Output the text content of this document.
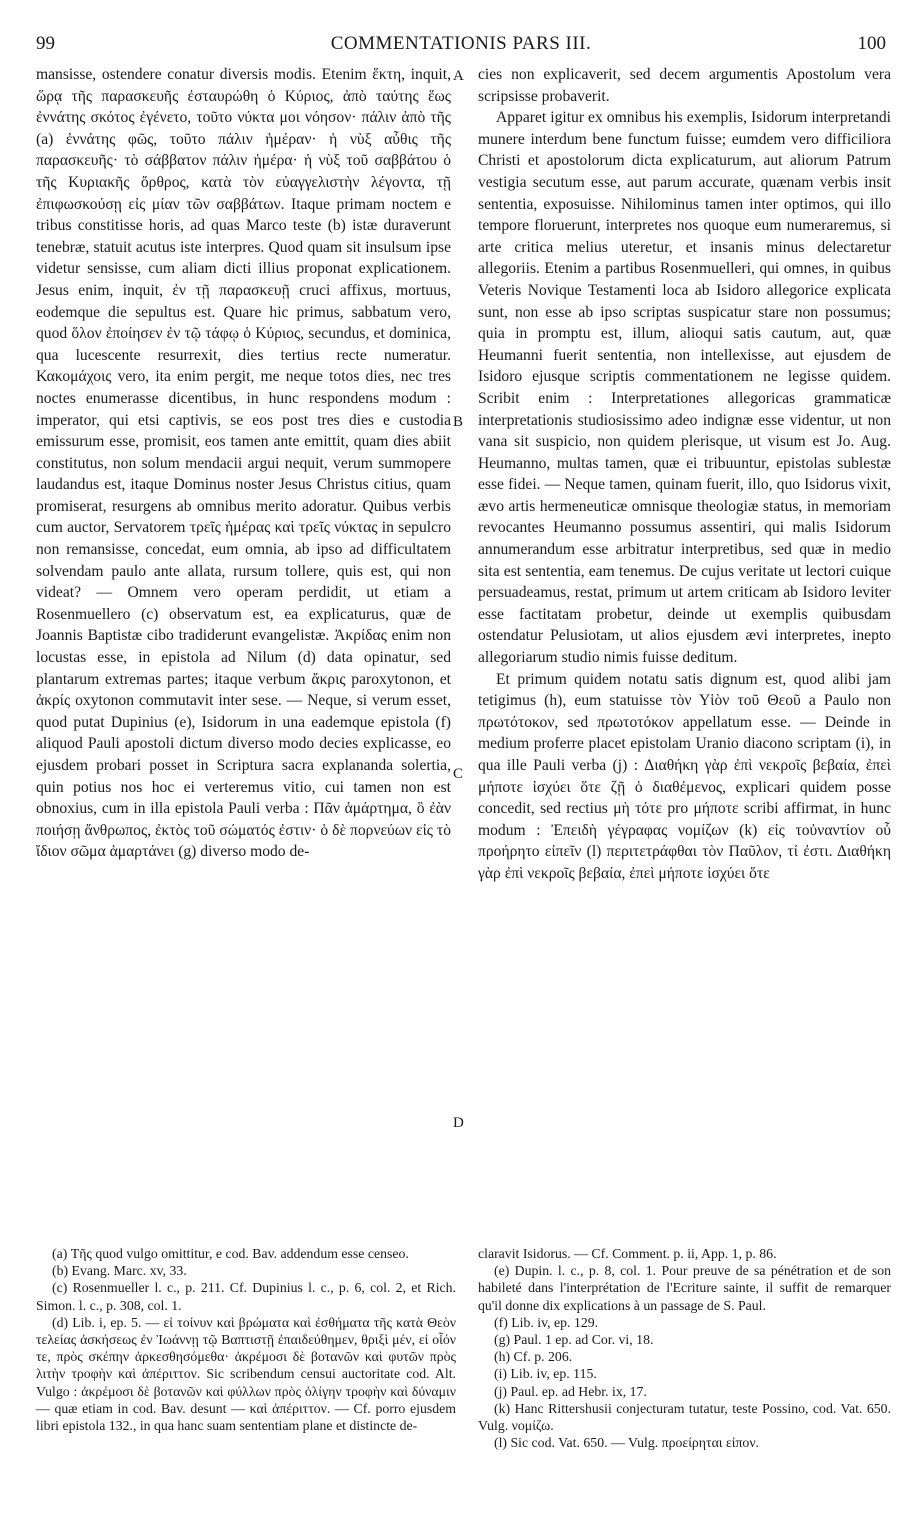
99	COMMENTATIONIS PARS III.	100

mansisse, ostendere conatur diversis modis. Etenim ἕκτη, inquit, ὥρᾳ τῆς παρασκευῆς ἐσταυρώθη ὁ Κύριος, ἀπὸ ταύτης ἕως ἐννάτης σκότος ἐγένετο, τοῦτο νύκτα μοι νόησον· πάλιν ἀπὸ τῆς (a) ἐννάτης φῶς, τοῦτο πάλιν ἡμέραν· ἡ νὺξ αὖθις τῆς παρασκευῆς· τὸ σάββατον πάλιν ἡμέρα· ἡ νὺξ τοῦ σαββάτου ὁ τῆς Κυριακῆς ὄρθρος, κατὰ τὸν εὐαγγελιστὴν λέγοντα, τῇ ἐπιφωσκούσῃ εἰς μίαν τῶν σαββάτων. Itaque primam noctem e tribus constitisse horis, ad quas Marco teste (b) istæ duraverunt tenebræ, statuit acutus iste interpres. Quod quam sit insulsum ipse videtur sensisse, cum aliam dicti illius proponat explicationem. Jesus enim, inquit, ἐν τῇ παρασκευῇ cruci affixus, mortuus, eodemque die sepultus est. Quare hic primus, sabbatum vero, quod ὅλον ἐποίησεν ἐν τῷ τάφῳ ὁ Κύριος, secundus, et dominica, qua lucescente resurrexit, dies tertius recte numeratur. Κακομάχοις vero, ita enim pergit, me neque totos dies, nec tres noctes enumerasse dicentibus, in hunc respondens modum : imperator, qui etsi captivis, se eos post tres dies e custodia emissurum esse, promisit, eos tamen ante emittit, quam dies abiit constitutus, non solum mendacii argui nequit, verum summopere laudandus est, itaque Dominus noster Jesus Christus citius, quam promiserat, resurgens ab omnibus merito adoratur. Quibus verbis cum auctor, Servatorem τρεῖς ἡμέρας καὶ τρεῖς νύκτας in sepulcro non remansisse, concedat, eum omnia, ab ipso ad difficultatem solvendam paulo ante allata, rursum tollere, quis est, qui non videat? — Omnem vero operam perdidit, ut etiam a Rosenmuellero (c) observatum est, ea explicaturus, quæ de Joannis Baptistæ cibo tradiderunt evangelistæ. Ἀκρίδας enim non locustas esse, in epistola ad Nilum (d) data opinatur, sed plantarum extremas partes; itaque verbum ἄκρις paroxytonon, et ἀκρίς oxytonon commutavit inter sese. — Neque, si verum esset, quod putat Dupinius (e), Isidorum in una eademque epistola (f) aliquod Pauli apostoli dictum diverso modo decies explicasse, eo ejusdem probari posset in Scriptura sacra explananda solertia, quin potius nos hoc ei verteremus vitio, cui tamen non est obnoxius, cum in illa epistola Pauli verba : Πᾶν ἁμάρτημα, ὃ ἐὰν ποιήσῃ ἄνθρωπος, ἐκτὸς τοῦ σώματός ἐστιν· ὁ δὲ πορνεύων εἰς τὸ ἴδιον σῶμα ἁμαρτάνει (g) diverso modo de-

A
B
C
D

cies non explicaverit, sed decem argumentis Apostolum vera scripsisse probaverit.

Apparet igitur ex omnibus his exemplis, Isidorum interpretandi munere interdum bene functum fuisse; eumdem vero difficiliora Christi et apostolorum dicta explicaturum, aut aliorum Patrum vestigia secutum esse, aut parum accurate, quænam verbis insit sententia, exposuisse. Nihilominus tamen inter optimos, qui illo tempore floruerunt, interpretes nos quoque eum numeraremus, si arte critica melius uteretur, et insanis minus delectaretur allegoriis. Etenim a partibus Rosenmuelleri, qui omnes, in quibus Veteris Novique Testamenti loca ab Isidoro allegorice explicata sunt, non esse ab ipso scriptas suspicatur stare non possumus; quia in promptu est, illum, alioqui satis cautum, aut, quæ Heumanni fuerit sententia, non intellexisse, aut ejusdem de Isidoro ejusque scriptis commentationem ne legisse quidem. Scribit enim : Interpretationes allegoricas grammaticæ interpretationis studiosissimo adeo indignæ esse videntur, ut non vana sit suspicio, non quidem plerisque, ut visum est Jo. Aug. Heumanno, multas tamen, quæ ei tribuuntur, epistolas sublestæ esse fidei. — Neque tamen, quinam fuerit, illo, quo Isidorus vixit, ævo artis hermeneuticæ omnisque theologiæ status, in memoriam revocantes Heumanno possumus assentiri, qui malis Isidorum annumerandum esse arbitratur interpretibus, sed quæ in medio sita est sententia, eam tenemus. De cujus veritate ut lectori cuique persuadeamus, restat, primum ut artem criticam ab Isidoro leviter esse factitatam probetur, deinde ut exemplis quibusdam ostendatur Pelusiotam, ut alios ejusdem ævi interpretes, inepto allegoriarum studio nimis fuisse deditum.

Et primum quidem notatu satis dignum est, quod alibi jam tetigimus (h), eum statuisse τὸν Υἱὸν τοῦ Θεοῦ a Paulo non πρωτότοκον, sed πρωτοτόκον appellatum esse. — Deinde in medium proferre placet epistolam Uranio diacono scriptam (i), in qua ille Pauli verba (j) : Διαθήκη γὰρ ἐπὶ νεκροῖς βεβαία, ἐπεὶ μήποτε ἰσχύει ὅτε ζῇ ὁ διαθέμενος, explicari quidem posse concedit, sed rectius μὴ τότε pro μήποτε scribi affirmat, in hunc modum : Ἐπειδὴ γέγραφας νομίζων (k) εἰς τοὐναντίον οὗ προήρητο εἰπεῖν (l) περιτετράφθαι τὸν Παῦλον, τί ἐστι. Διαθήκη γὰρ ἐπὶ νεκροῖς βεβαία, ἐπεὶ μήποτε ἰσχύει ὅτε

(a) Τῆς quod vulgo omittitur, e cod. Bav. addendum esse censeo.

(b) Evang. Marc. xv, 33.

(c) Rosenmueller l. c., p. 211. Cf. Dupinius l. c., p. 6, col. 2, et Rich. Simon. l. c., p. 308, col. 1.

(d) Lib. i, ep. 5. — εἰ τοίνυν καὶ βρώματα καὶ ἐσθήματα τῆς κατὰ Θεὸν τελείας ἀσκήσεως ἐν Ἰωάννῃ τῷ Βαπτιστῇ ἐπαιδεύθημεν, θριξὶ μέν, εἰ οἷόν τε, πρὸς σκέπην ἀρκεσθησόμεθα· ἀκρέμοσι δὲ βοτανῶν καὶ φυτῶν πρὸς λιτὴν τροφὴν καὶ ἀπέριττον. Sic scribendum censui auctoritate cod. Alt. Vulgo : ἀκρέμοσι δὲ βοτανῶν καὶ φύλλων πρὸς ὀλίγην τροφὴν καὶ δύναμιν — quæ etiam in cod. Bav. desunt — καὶ ἀπέριττον. — Cf. porro ejusdem libri epistola 132., in qua hanc suam sententiam plane et distincte de-

claravit Isidorus. — Cf. Comment. p. ii, App. 1, p. 86.

(e) Dupin. l. c., p. 8, col. 1. Pour preuve de sa pénétration et de son habileté dans l'interprétation de l'Ecriture sainte, il suffit de remarquer qu'il donne dix explications à un passage de S. Paul.

(f) Lib. iv, ep. 129.

(g) Paul. 1 ep. ad Cor. vi, 18.

(h) Cf. p. 206.

(i) Lib. iv, ep. 115.

(j) Paul. ep. ad Hebr. ix, 17.

(k) Hanc Rittershusii conjecturam tutatur, teste Possino, cod. Vat. 650. Vulg. νομίζω.

(l) Sic cod. Vat. 650. — Vulg. προείρηται εἰπον.
